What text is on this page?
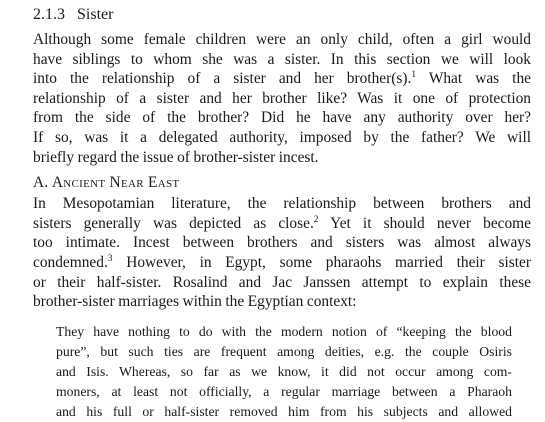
2.1.3 Sister

Although some female children were an only child, often a girl would
have siblings to whom she was a sister. In this section we will look
into the relationship of a sister and her brother(s).$^1$ What was the
relationship of a sister and her brother like? Was it one of protection
from the side of the brother? Did he have any authority over her?
If so, was it a delegated authority, imposed by the father? We will
briefly regard the issue of brother-sister incest.

A. Ancient Near East

In Mesopotamian literature, the relationship between brothers and
sisters generally was depicted as close.$^2$ Yet it should never become
too intimate. Incest between brothers and sisters was almost always
condemned.$^3$ However, in Egypt, some pharaohs married their sister
or their half-sister. Rosalind and Jac Janssen attempt to explain these
brother-sister marriages within the Egyptian context:

They have nothing to do with the modern notion of “keeping the blood
pure”, but such ties are frequent among deities, e.g. the couple Osiris
and Isis. Whereas, so far as we know, it did not occur among com-
moners, at least not officially, a regular marriage between a Pharaoh
and his full or half-sister removed him from his subjects and allowed
